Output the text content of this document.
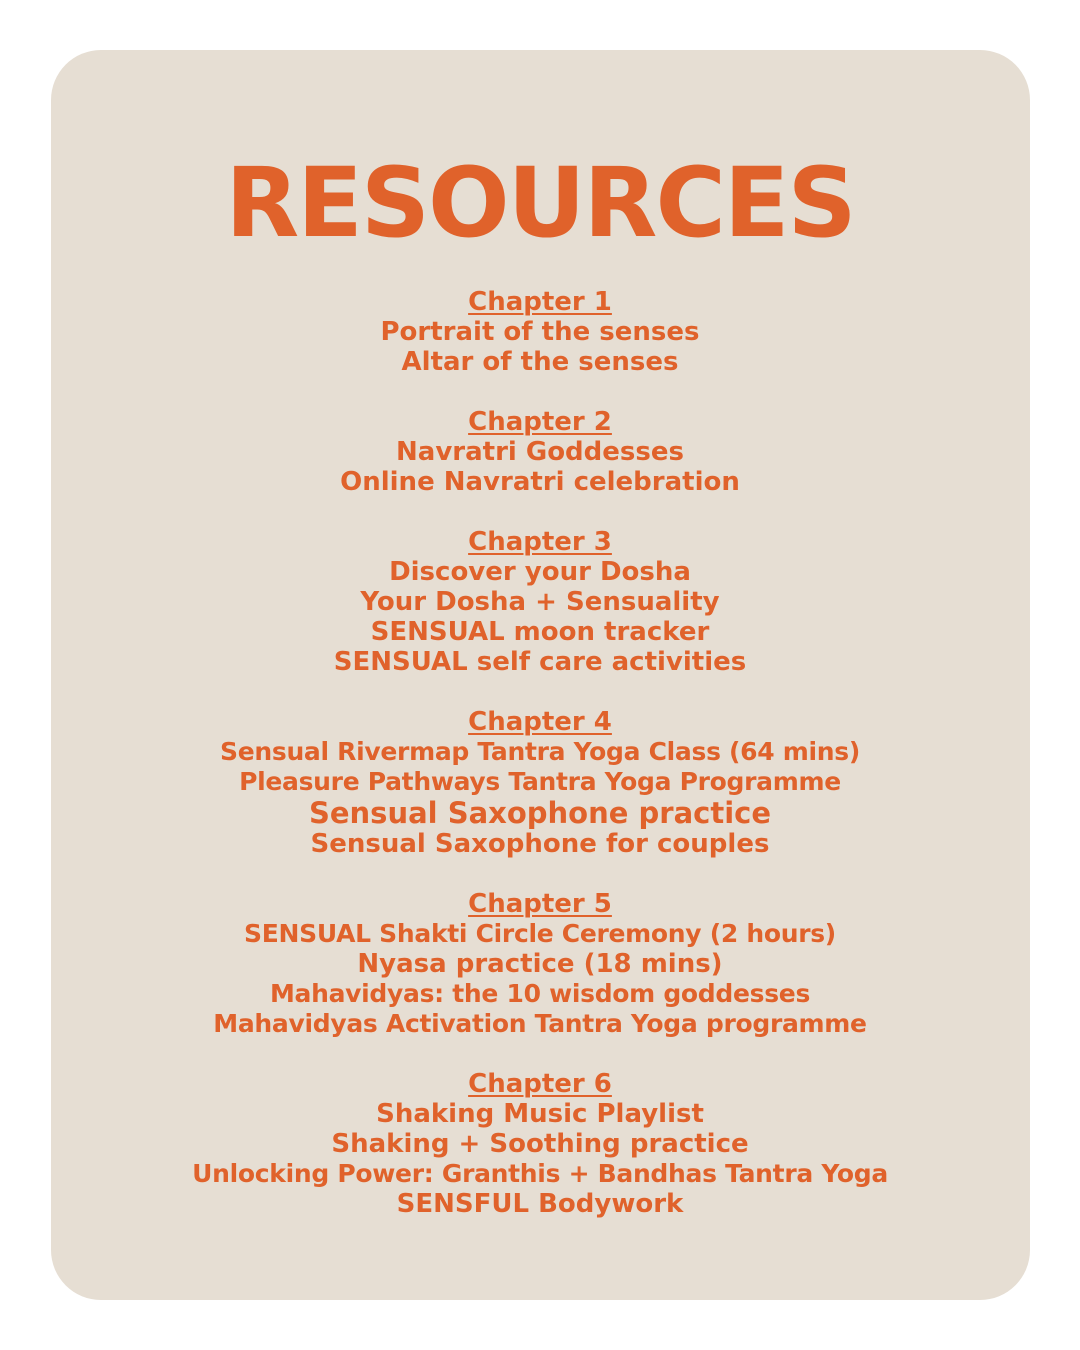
RESOURCES
Chapter 1
Portrait of the senses
Altar of the senses
Chapter 2
Navratri Goddesses
Online Navratri celebration
Chapter 3
Discover your Dosha
Your Dosha + Sensuality
SENSUAL moon tracker
SENSUAL self care activities
Chapter 4
Sensual Rivermap Tantra Yoga Class (64 mins)
Pleasure Pathways Tantra Yoga Programme
Sensual Saxophone practice
Sensual Saxophone for couples
Chapter 5
SENSUAL Shakti Circle Ceremony (2 hours)
Nyasa practice (18 mins)
Mahavidyas: the 10 wisdom goddesses
Mahavidyas Activation Tantra Yoga programme
Chapter 6
Shaking Music Playlist
Shaking + Soothing practice
Unlocking Power: Granthis + Bandhas Tantra Yoga
SENSFUL Bodywork
